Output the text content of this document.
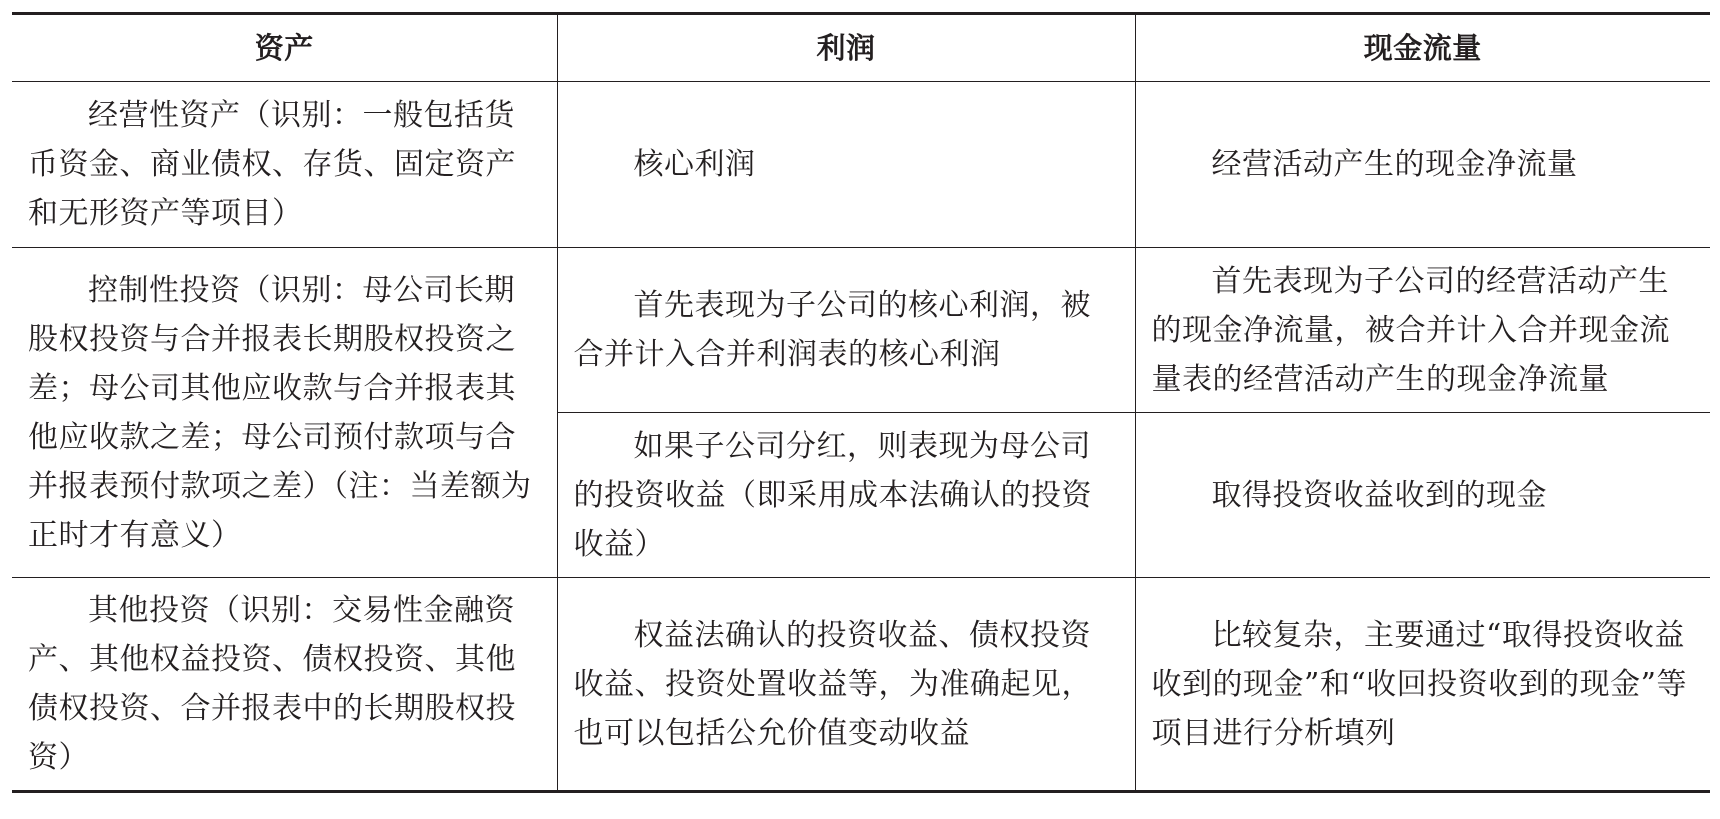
资产	利润	现金流量
经营性资产（识别：一般包括货币资金、商业债权、存货、固定资产和无形资产等项目）	核心利润	经营活动产生的现金净流量
控制性投资（识别：母公司长期股权投资与合并报表长期股权投资之差；母公司其他应收款与合并报表其他应收款之差；母公司预付款项与合并报表预付款项之差）（注：当差额为正时才有意义）	首先表现为子公司的核心利润，被合并计入合并利润表的核心利润	首先表现为子公司的经营活动产生的现金净流量，被合并计入合并现金流量表的经营活动产生的现金净流量
	如果子公司分红，则表现为母公司的投资收益（即采用成本法确认的投资收益）	取得投资收益收到的现金
其他投资（识别：交易性金融资产、其他权益投资、债权投资、其他债权投资、合并报表中的长期股权投资）	权益法确认的投资收益、债权投资收益、投资处置收益等，为准确起见，也可以包括公允价值变动收益	比较复杂，主要通过“取得投资收益收到的现金”和“收回投资收到的现金”等项目进行分析填列
